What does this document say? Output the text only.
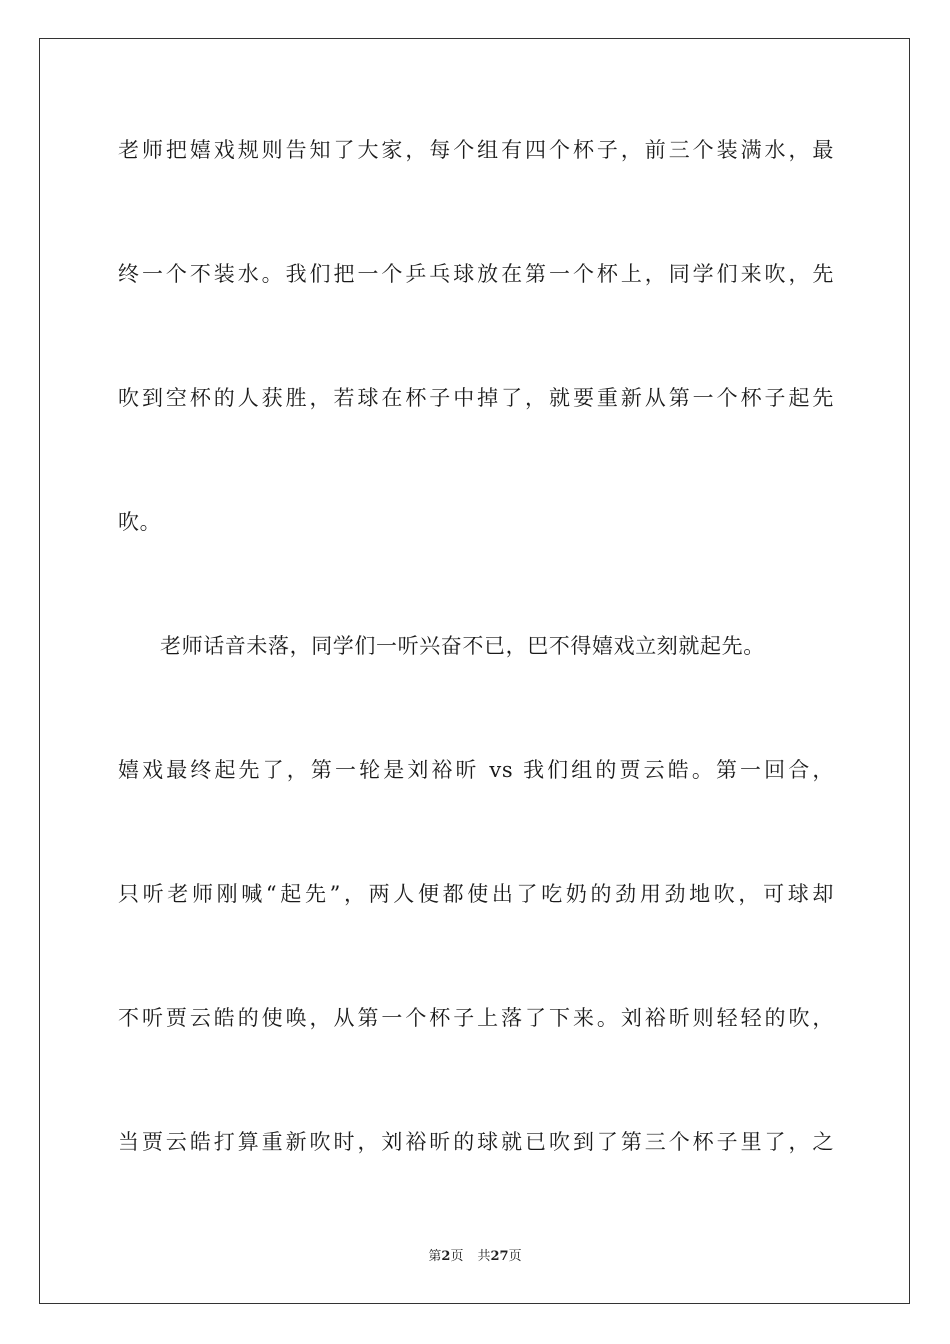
老师把嬉戏规则告知了大家，每个组有四个杯子，前三个装满水，最
终一个不装水。我们把一个乒乓球放在第一个杯上，同学们来吹，先
吹到空杯的人获胜，若球在杯子中掉了，就要重新从第一个杯子起先
吹。
老师话音未落，同学们一听兴奋不已，巴不得嬉戏立刻就起先。
嬉戏最终起先了，第一轮是刘裕昕 vs 我们组的贾云皓。第一回合，
只听老师刚喊“起先”，两人便都使出了吃奶的劲用劲地吹，可球却
不听贾云皓的使唤，从第一个杯子上落了下来。刘裕昕则轻轻的吹，
当贾云皓打算重新吹时，刘裕昕的球就已吹到了第三个杯子里了，之
第2页 共27页
